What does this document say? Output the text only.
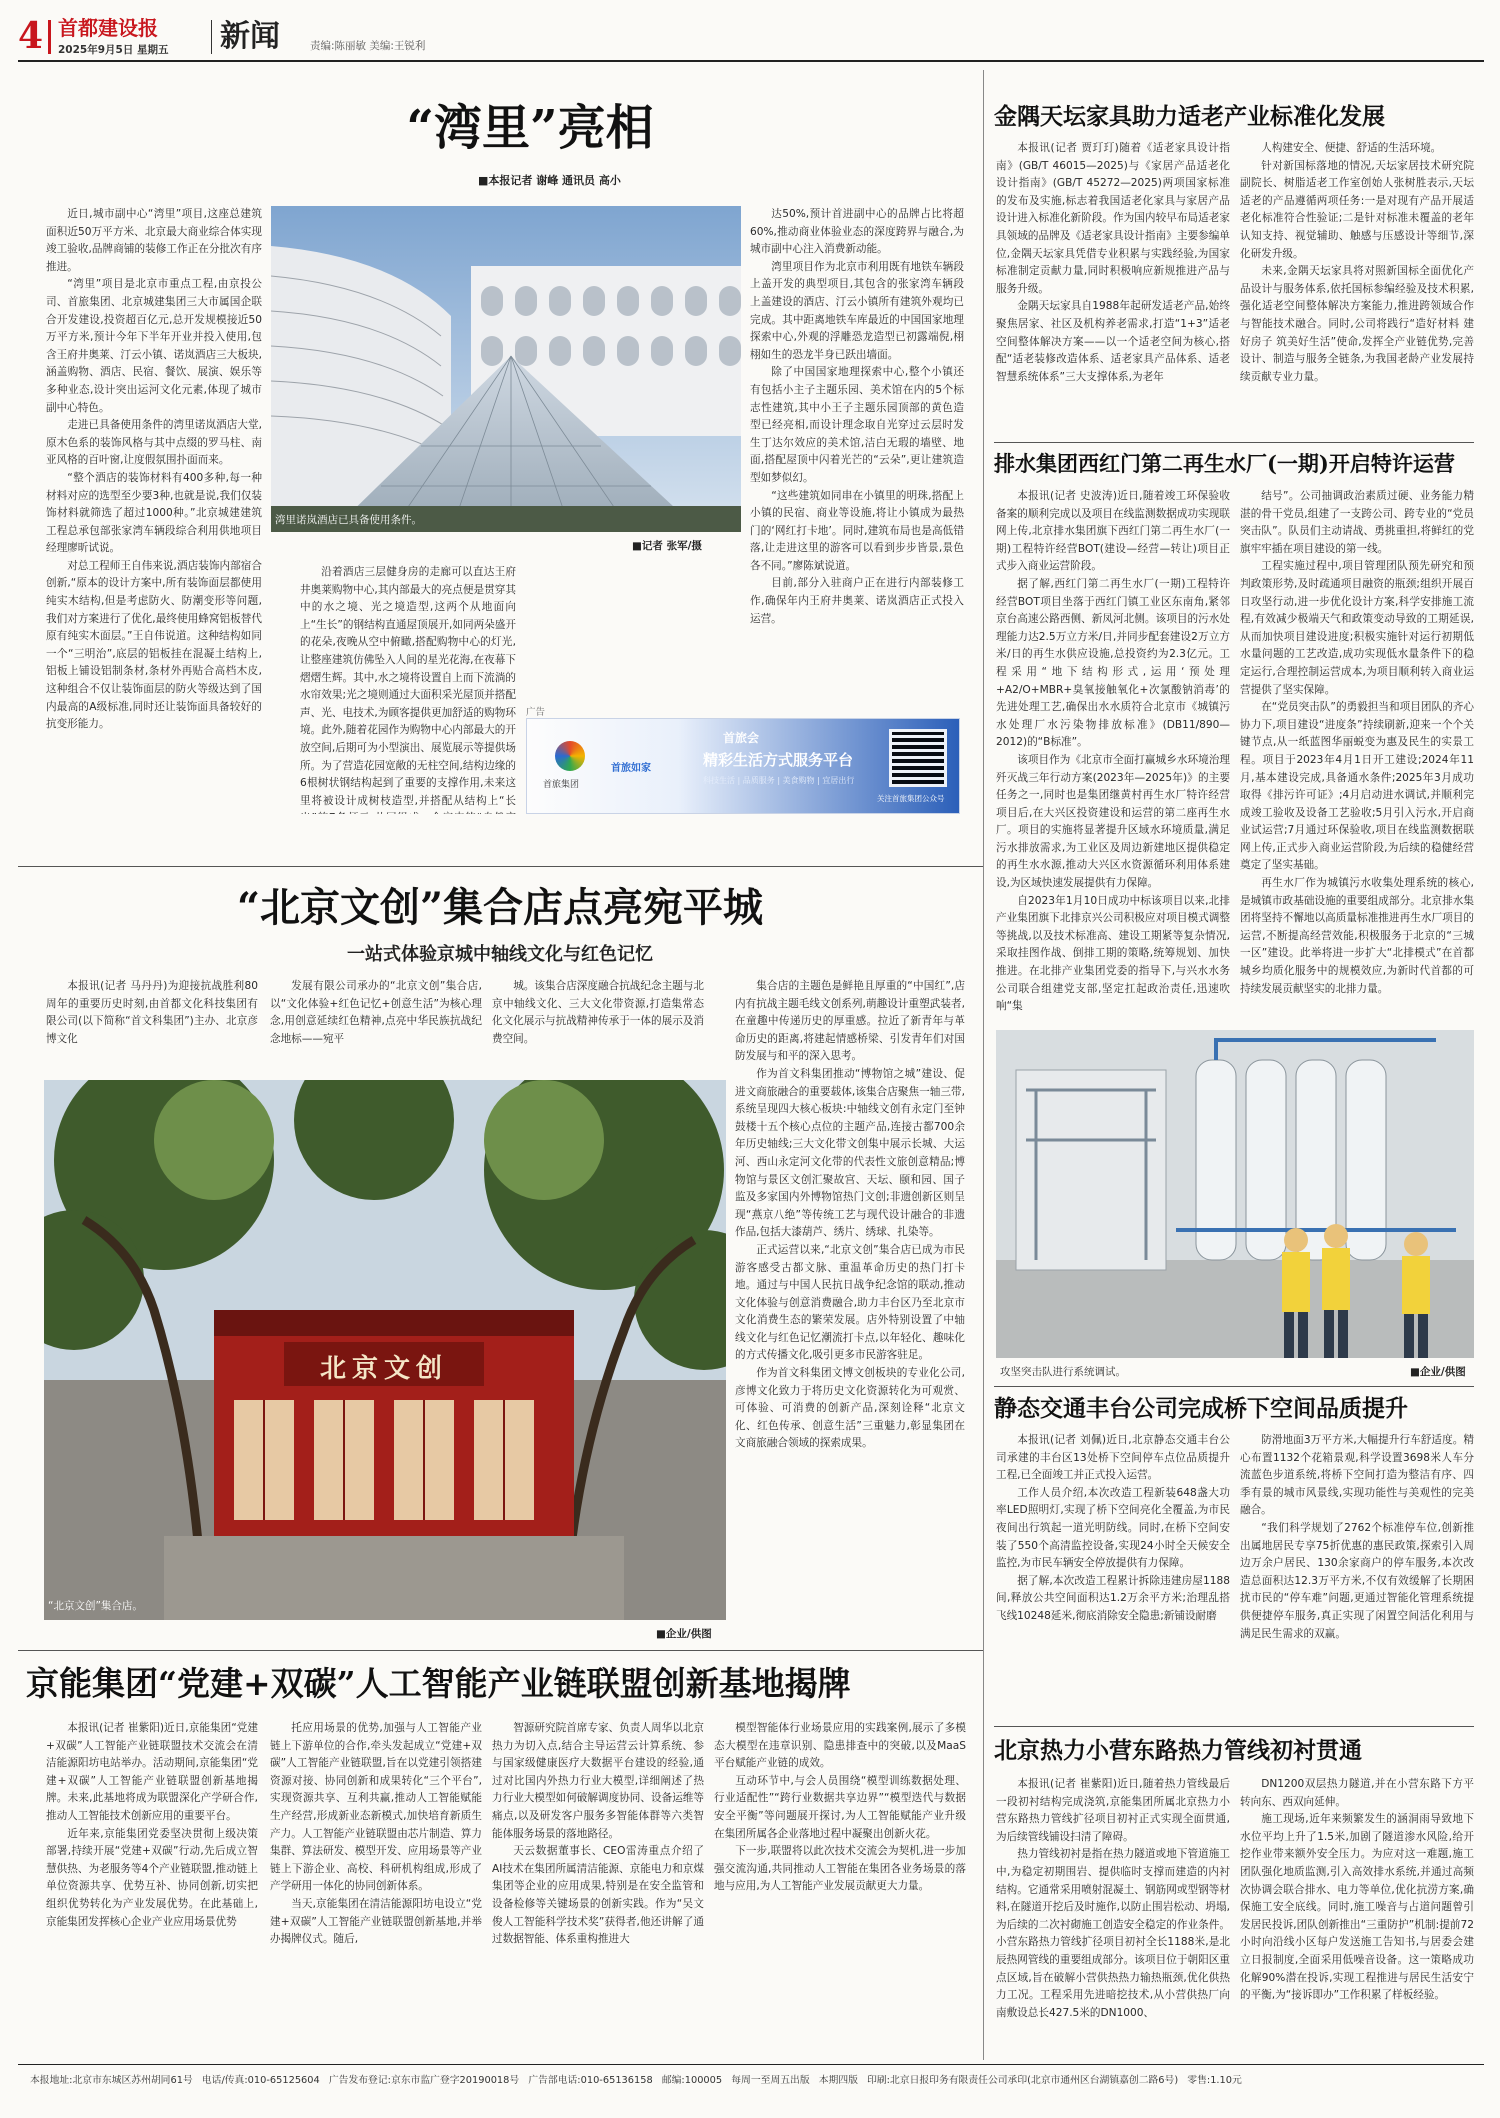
4 首都建设报
2025年9月5日 星期五 新闻	责编:陈丽敏 美编:王锐利
“湾里”亮相
■本报记者 谢峰 通讯员 高小

近日,城市副中心“湾里”项目,这座总建筑面积近50万平方米、北京最大商业综合体实现竣工验收,品牌商铺的装修工作正在分批次有序推进。

“湾里”项目是北京市重点工程,由京投公司、首旅集团、北京城建集团三大市属国企联合开发建设,投资超百亿元,总开发规模接近50万平方米,预计今年下半年开业并投入使用,包含王府井奥莱、汀云小镇、诺岚酒店三大板块,涵盖购物、酒店、民宿、餐饮、展演、娱乐等多种业态,设计突出运河文化元素,体现了城市副中心特色。

走进已具备使用条件的湾里诺岚酒店大堂,原木色系的装饰风格与其中点缀的罗马柱、南亚风格的百叶窗,让度假氛围扑面而来。

“整个酒店的装饰材料有400多种,每一种材料对应的选型至少要3种,也就是说,我们仅装饰材料就筛选了超过1000种。”北京城建建筑工程总承包部张家湾车辆段综合利用供地项目经理廖昕试说。

对总工程师王自伟来说,酒店装饰内部宿合创新,“原本的设计方案中,所有装饰面层都使用纯实木结构,但是考虑防火、防潮变形等问题,我们对方案进行了优化,最终使用蜂窝铝板替代原有纯实木面层。”王自伟说道。这种结构如同一个“三明治”,底层的铝板挂在混凝土结构上,铝板上铺设铝制条材,条材外再贴合高档木皮,这种组合不仅让装饰面层的防火等级达到了国内最高的A级标准,同时还让装饰面具备较好的抗变形能力。

湾里诺岚酒店已具备使用条件。
■记者 张军/摄

沿着酒店三层健身房的走廊可以直达王府井奥莱购物中心,其内部最大的亮点便是贯穿其中的水之境、光之境造型,这两个从地面向上“生长”的钢结构直通屋顶展开,如同两朵盛开的花朵,夜晚从空中俯瞰,搭配购物中心的灯光,让整座建筑仿佛坠入人间的星光花海,在夜幕下熠熠生辉。其中,水之境将设置自上而下流淌的水帘效果;光之境则通过大面积采光屋顶并搭配声、光、电技术,为顾客提供更加舒适的购物环境。此外,随着花园作为购物中心内部最大的开放空间,后期可为小型演出、展览展示等提供场所。为了营造花园宽敞的无柱空间,结构边缘的6根树状钢结构起到了重要的支撑作用,未来这里将被设计成树枝造型,并搭配从结构上“长

达50%,预计首进副中心的品牌占比将超60%,推动商业体验业态的深度跨界与融合,为城市副中心注入消费新动能。

湾里项目作为北京市利用既有地铁车辆段上盖开发的典型项目,其包含的张家湾车辆段上盖建设的酒店、汀云小镇所有建筑外观均已完成。其中距离地铁车库最近的中国国家地理探索中心,外观的浮雕恐龙造型已初露端倪,栩栩如生的恐龙半身已跃出墙面。

除了中国国家地理探索中心,整个小镇还有包括小主子主题乐园、美术馆在内的5个标志性建筑,其中小王子主题乐园顶部的黄色造型已经亮相,而设计理念取自光穿过云层时发生丁达尔效应的美术馆,洁白无瑕的墙壁、地面,搭配屋顶中闪着光芒的“云朵”,更让建筑造型如梦似幻。

“这些建筑如同串在小镇里的明珠,搭配上小镇的民宿、商业等设施,将让小镇成为最热门的‘网红打卡地’。同时,建筑布局也是高低错落,让走进这里的游客可以看到步步皆景,景色各不同。”廖陈斌说道。

目前,部分入驻商户正在进行内部装修工作,确保年内王府井奥莱、诺岚酒店正式投入运营。

广告
首旅集团
首旅如家
首旅会
精彩生活方式服务平台
科技生活 | 品质服务 | 美食购物 | 宜居出行
关注首旅集团公众号
“北京文创”集合店点亮宛平城
一站式体验京城中轴线文化与红色记忆

本报讯(记者 马丹丹)为迎接抗战胜利80周年的重要历史时刻,由首都文化科技集团有限公司(以下简称“首文科集团”)主办、北京彦博文化

发展有限公司承办的“北京文创”集合店,以“文化体验+红色记忆+创意生活”为核心理念,用创意延续红色精神,点亮中华民族抗战纪念地标——宛平

城。该集合店深度融合抗战纪念主题与北京中轴线文化、三大文化带资源,打造集常态化文化展示与抗战精神传承于一体的展示及消费空间。

集合店的主题色是鲜艳且厚重的“中国红”,店内有抗战主题毛线文创系列,萌趣设计重塑武装者,在童趣中传递历史的厚重感。拉近了新青年与革命历史的距离,将建起情感桥梁、引发青年们对国防发展与和平的深入思考。

作为首文科集团推动“博物馆之城”建设、促进文商旅融合的重要载体,该集合店聚焦一轴三带,系统呈现四大核心板块:中轴线文创有永定门至钟鼓楼十五个核心点位的主题产品,连接古都700余年历史轴线;三大文化带文创集中展示长城、大运河、西山永定河文化带的代表性文旅创意精品;博物馆与景区文创汇聚故宫、天坛、颐和园、国子监及多家国内外博物馆热门文创;非遗创新区则呈现“燕京八绝”等传统工艺与现代设计融合的非遗作品,包括大漆葫芦、绣片、绣球、扎染等。

正式运营以来,“北京文创”集合店已成为市民游客感受古都文脉、重温革命历史的热门打卡地。通过与中国人民抗日战争纪念馆的联动,推动文化体验与创意消费融合,助力丰台区乃至北京市文化消费生态的繁荣发展。店外特别设置了中轴线文化与红色记忆潮流打卡点,以年轻化、趣味化的方式传播文化,吸引更多市民游客驻足。

作为首文科集团文博文创板块的专业化公司,彦博文化致力于将历史文化资源转化为可观赏、可体验、可消费的创新产品,深刻诠释“北京文化、红色传承、创意生活”三重魅力,彰显集团在文商旅融合领域的探索成果。

北京文创
“北京文创”集合店。
■企业/供图
京能集团“党建+双碳”人工智能产业链联盟创新基地揭牌

本报讯(记者 崔紫阳)近日,京能集团“党建+双碳”人工智能产业链联盟技术交流会在清洁能源阳坊电站举办。活动期间,京能集团“党建+双碳”人工智能产业链联盟创新基地揭牌。未来,此基地将成为联盟深化产学研合作,推动人工智能技术创新应用的重要平台。

近年来,京能集团党委坚决贯彻上级决策部署,持续开展“党建+双碳”行动,先后成立智慧供热、为老服务等4个产业链联盟,推动链上单位资源共享、优势互补、协同创新,切实把组织优势转化为产业发展优势。在此基础上,京能集团发挥核心企业产业应用场景优势

托应用场景的优势,加强与人工智能产业链上下游单位的合作,牵头发起成立“党建+双碳”人工智能产业链联盟,旨在以党建引领搭建资源对接、协同创新和成果转化“三个平台”,实现资源共享、互利共赢,推动人工智能赋能生产经营,形成新业态新模式,加快培育新质生产力。人工智能产业链联盟由芯片制造、算力集群、算法研发、模型开发、应用场景等产业链上下游企业、高校、科研机构组成,形成了产学研用一体化的协同创新体系。

当天,京能集团在清洁能源阳坊电设立“党建+双碳”人工智能产业链联盟创新基地,并举办揭牌仪式。随后,

智源研究院首席专家、负责人周华以北京热力为切入点,结合主导运营云计算系统、参与国家级健康医疗大数据平台建设的经验,通过对比国内外热力行业大模型,详细阐述了热力行业大模型如何破解调度协同、设备运维等痛点,以及研发客户服务多智能体群等六类智能体服务场景的落地路径。

天云数据董事长、CEO雷涛重点介绍了AI技术在集团所属清洁能源、京能电力和京煤集团等企业的应用成果,特别是在安全监管和设备检修等关键场景的创新实践。作为“吴文俊人工智能科学技术奖”获得者,他还讲解了通过数据智能、体系重构推进大

模型智能体行业场景应用的实践案例,展示了多模态大模型在违章识别、隐患排查中的突破,以及MaaS平台赋能产业链的成效。

互动环节中,与会人员围绕“模型训练数据处理、行业适配性”“跨行业数据共享边界”“模型迭代与数据安全平衡”等问题展开探讨,为人工智能赋能产业升级在集团所属各企业落地过程中凝聚出创新火花。

下一步,联盟将以此次技术交流会为契机,进一步加强交流沟通,共同推动人工智能在集团各业务场景的落地与应用,为人工智能产业发展贡献更大力量。

金隅天坛家具助力适老产业标准化发展

本报讯(记者 贾玎玎)随着《适老家具设计指南》(GB/T 46015—2025)与《家居产品适老化设计指南》(GB/T 45272—2025)两项国家标准的发布及实施,标志着我国适老化家具与家居产品设计进入标准化新阶段。作为国内较早布局适老家具领域的品牌及《适老家具设计指南》主要参编单位,金隅天坛家具凭借专业积累与实践经验,为国家标准制定贡献力量,同时积极响应新规推进产品与服务升级。

金隅天坛家具自1988年起研发适老产品,始终聚焦居家、社区及机构养老需求,打造“1+3”适老空间整体解决方案——以一个适老空间为核心,搭配“适老装修改造体系、适老家具产品体系、适老智慧系统体系”三大支撑体系,为老年

人构建安全、便捷、舒适的生活环境。

针对新国标落地的情况,天坛家居技术研究院副院长、树脂适老工作室创始人张树胜表示,天坛适老的产品遵循两项任务:一是对现有产品开展适老化标准符合性验证;二是针对标准未覆盖的老年认知支持、视觉辅助、触感与压感设计等细节,深化研发升级。

未来,金隅天坛家具将对照新国标全面优化产品设计与服务体系,依托国标参编经验及技术积累,强化适老空间整体解决方案能力,推进跨领域合作与智能技术融合。同时,公司将践行“造好材料 建好房子 筑美好生活”使命,发挥全产业链优势,完善设计、制造与服务全链条,为我国老龄产业发展持续贡献专业力量。

排水集团西红门第二再生水厂(一期)开启特许运营

本报讯(记者 史波涛)近日,随着竣工环保验收备案的顺利完成以及项目在线监测数据成功实现联网上传,北京排水集团旗下西红门第二再生水厂(一期)工程特许经营BOT(建设—经营—转让)项目正式步入商业运营阶段。

据了解,西红门第二再生水厂(一期)工程特许经营BOT项目坐落于西红门镇工业区东南角,紧邻京台高速公路西侧、新凤河北侧。该项目的污水处理能力达2.5万立方米/日,并同步配套建设2万立方米/日的再生水供应设施,总投资约为2.3亿元。工程采用“地下结构形式,运用‘预处理+A2/O+MBR+臭氧接触氧化+次氯酸钠消毒’的先进处理工艺,确保出水水质符合北京市《城镇污水处理厂水污染物排放标准》(DB11/890—2012)的“B标准”。

该项目作为《北京市全面打赢城乡水环境治理歼灭战三年行动方案(2023年—2025年)》的主要任务之一,同时也是集团继黄村再生水厂特许经营项目后,在大兴区投资建设和运营的第二座再生水厂。项目的实施将显著提升区域水环境质量,满足污水排放需求,为工业区及周边新建地区提供稳定的再生水水源,推动大兴区水资源循环利用体系建设,为区域快速发展提供有力保障。

自2023年1月10日成功中标该项目以来,北排产业集团旗下北排京兴公司积极应对项目模式调整等挑战,以及技术标准高、建设工期紧等复杂情况,采取挂图作战、倒排工期的策略,统筹规划、加快推进。在北排产业集团党委的指导下,与兴水水务公司联合组建党支部,坚定扛起政治责任,迅速吹响“集

结号”。公司抽调政治素质过硬、业务能力精湛的骨干党员,组建了一支跨公司、跨专业的“党员突击队”。队员们主动请战、勇挑重担,将鲜红的党旗牢牢插在项目建设的第一线。

工程实施过程中,项目管理团队预先研究和预判政策形势,及时疏通项目融资的瓶颈;组织开展百日攻坚行动,进一步优化设计方案,科学安排施工流程,有效减少极端天气和政策变动导致的工期延误,从而加快项目建设进度;积极实施针对运行初期低水量问题的工艺改造,成功实现低水量条件下的稳定运行,合理控制运营成本,为项目顺利转入商业运营提供了坚实保障。

在“党员突击队”的勇毅担当和项目团队的齐心协力下,项目建设“进度条”持续刷新,迎来一个个关键节点,从一纸蓝图华丽蜕变为惠及民生的实景工程。项目于2023年4月1日开工建设;2024年11月,基本建设完成,具备通水条件;2025年3月成功取得《排污许可证》;4月启动进水调试,并顺利完成竣工验收及设备工艺验收;5月引入污水,开启商业试运营;7月通过环保验收,项目在线监测数据联网上传,正式步入商业运营阶段,为后续的稳健经营奠定了坚实基础。

再生水厂作为城镇污水收集处理系统的核心,是城镇市政基础设施的重要组成部分。北京排水集团将坚持不懈地以高质量标准推进再生水厂项目的运营,不断提高经营效能,积极服务于北京的“三城一区”建设。此举将进一步扩大“北排模式”在首都城乡均质化服务中的规模效应,为新时代首都的可持续发展贡献坚实的北排力量。

攻坚突击队进行系统调试。	■企业/供图
静态交通丰台公司完成桥下空间品质提升

本报讯(记者 刘佩)近日,北京静态交通丰台公司承建的丰台区13处桥下空间停车点位品质提升工程,已全面竣工并正式投入运营。

工作人员介绍,本次改造工程新装648盏大功率LED照明灯,实现了桥下空间亮化全覆盖,为市民夜间出行筑起一道光明防线。同时,在桥下空间安装了550个高清监控设备,实现24小时全天候安全监控,为市民车辆安全停放提供有力保障。

据了解,本次改造工程累计拆除违建房屋1188间,释放公共空间面积达1.2万余平方米;治理乱搭飞线10248延米,彻底消除安全隐患;新铺设耐磨

防滑地面3万平方米,大幅提升行车舒适度。精心布置1132个花箱景观,科学设置3698米人车分流蓝色步道系统,将桥下空间打造为整洁有序、四季有景的城市风景线,实现功能性与美观性的完美融合。

“我们科学规划了2762个标准停车位,创新推出属地居民专享75折优惠的惠民政策,探索引入周边万余户居民、130余家商户的停车服务,本次改造总面积达12.3万平方米,不仅有效缓解了长期困扰市民的“停车难”问题,更通过智能化管理系统提供便捷停车服务,真正实现了闲置空间活化利用与满足民生需求的双赢。

北京热力小营东路热力管线初衬贯通

本报讯(记者 崔紫阳)近日,随着热力管线最后一段初衬结构完成浇筑,京能集团所属北京热力小营东路热力管线扩径项目初衬正式实现全面贯通,为后续管线铺设扫清了障碍。

热力管线初衬是指在热力隧道或地下管道施工中,为稳定初期围岩、提供临时支撑而建造的内衬结构。它通常采用喷射混凝土、钢筋网或型钢等材料,在隧道开挖后及时施作,以防止围岩松动、坍塌,为后续的二次衬砌施工创造安全稳定的作业条件。小营东路热力管线扩径项目初衬全长1188米,是北辰热网管线的重要组成部分。该项目位于朝阳区重点区域,旨在破解小营供热热力输热瓶颈,优化供热力工况。工程采用先进暗挖技术,从小营供热厂向南敷设总长427.5米的DN1000、

DN1200双层热力隧道,并在小营东路下方平转向东、西双向延伸。

施工现场,近年来频繁发生的涵洞雨导致地下水位平均上升了1.5米,加剧了隧道渗水风险,给开挖作业带来额外安全压力。为应对这一难题,施工团队强化地质监测,引入高效排水系统,并通过高频次协调会联合排水、电力等单位,优化抗涝方案,确保施工安全底线。同时,施工噪音与占道问题曾引发居民投诉,团队创新推出“三重防护”机制:提前72小时向沿线小区每户发送施工告知书,与居委会建立日报制度,全面采用低噪音设备。这一策略成功化解90%潜在投诉,实现工程推进与居民生活安宁的平衡,为“接诉即办”工作积累了样板经验。

本报地址:北京市东城区苏州胡同61号 电话/传真:010-65125604 广告发布登记:京东市监广登字20190018号 广告部电话:010-65136158 邮编:100005 每周一至周五出版 本期四版 印刷:北京日报印务有限责任公司承印(北京市通州区台湖镇嘉创二路6号) 零售:1.10元
